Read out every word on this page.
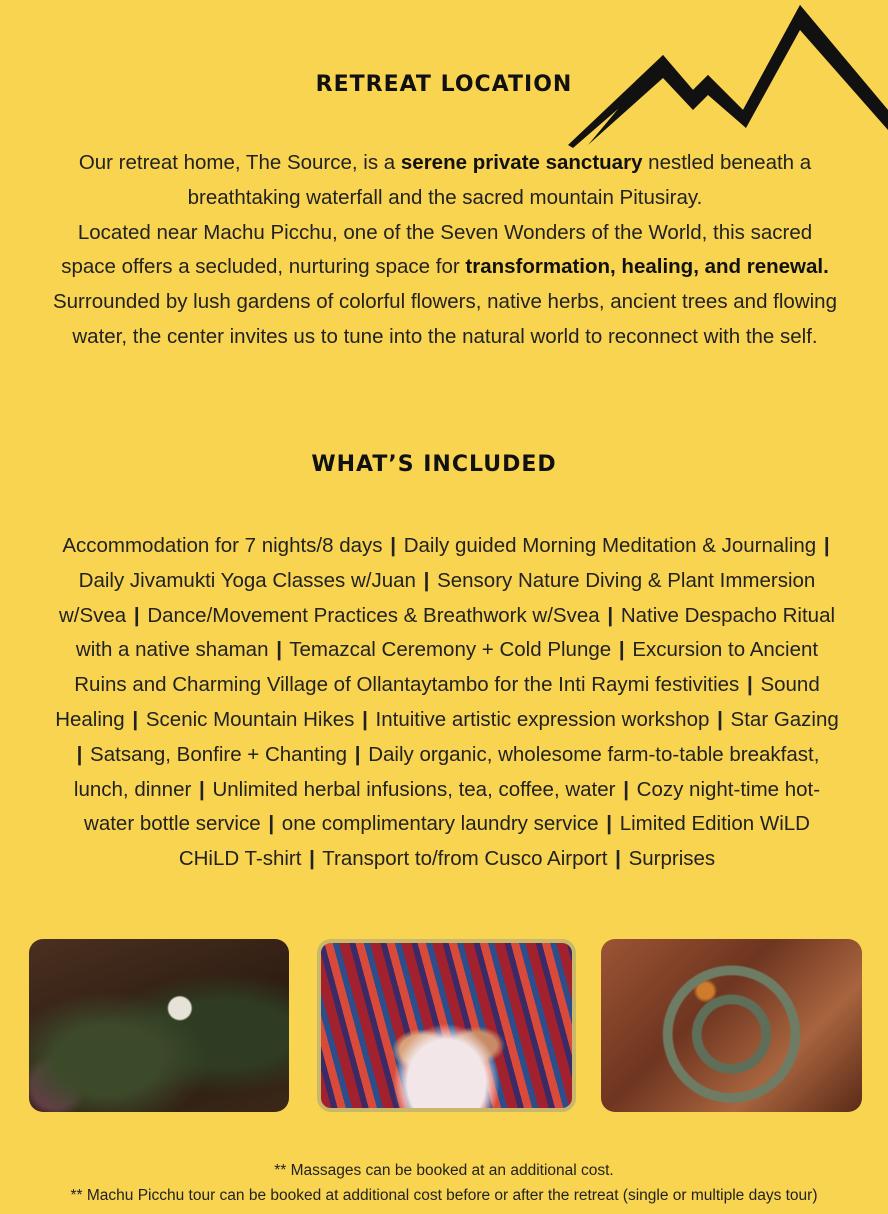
RETREAT LOCATION
Our retreat home, The Source, is a serene private sanctuary nestled beneath a breathtaking waterfall and the sacred mountain Pitusiray.
Located near Machu Picchu, one of the Seven Wonders of the World, this sacred space offers a secluded, nurturing space for transformation, healing, and renewal. Surrounded by lush gardens of colorful flowers, native herbs, ancient trees and flowing water, the center invites us to tune into the natural world to reconnect with the self.
WHAT’S INCLUDED
Accommodation for 7 nights/8 days | Daily guided Morning Meditation & Journaling | Daily Jivamukti Yoga Classes w/Juan | Sensory Nature Diving & Plant Immersion w/Svea | Dance/Movement Practices & Breathwork w/Svea | Native Despacho Ritual with a native shaman | Temazcal Ceremony + Cold Plunge | Excursion to Ancient Ruins and Charming Village of Ollantaytambo for the Inti Raymi festivities | Sound Healing | Scenic Mountain Hikes | Intuitive artistic expression workshop | Star Gazing | Satsang, Bonfire + Chanting | Daily organic, wholesome farm-to-table breakfast, lunch, dinner | Unlimited herbal infusions, tea, coffee, water | Cozy night-time hot-water bottle service | one complimentary laundry service | Limited Edition WiLD CHiLD T-shirt | Transport to/from Cusco Airport | Surprises
** Massages can be booked at an additional cost.
** Machu Picchu tour can be booked at additional cost before or after the retreat (single or multiple days tour)
